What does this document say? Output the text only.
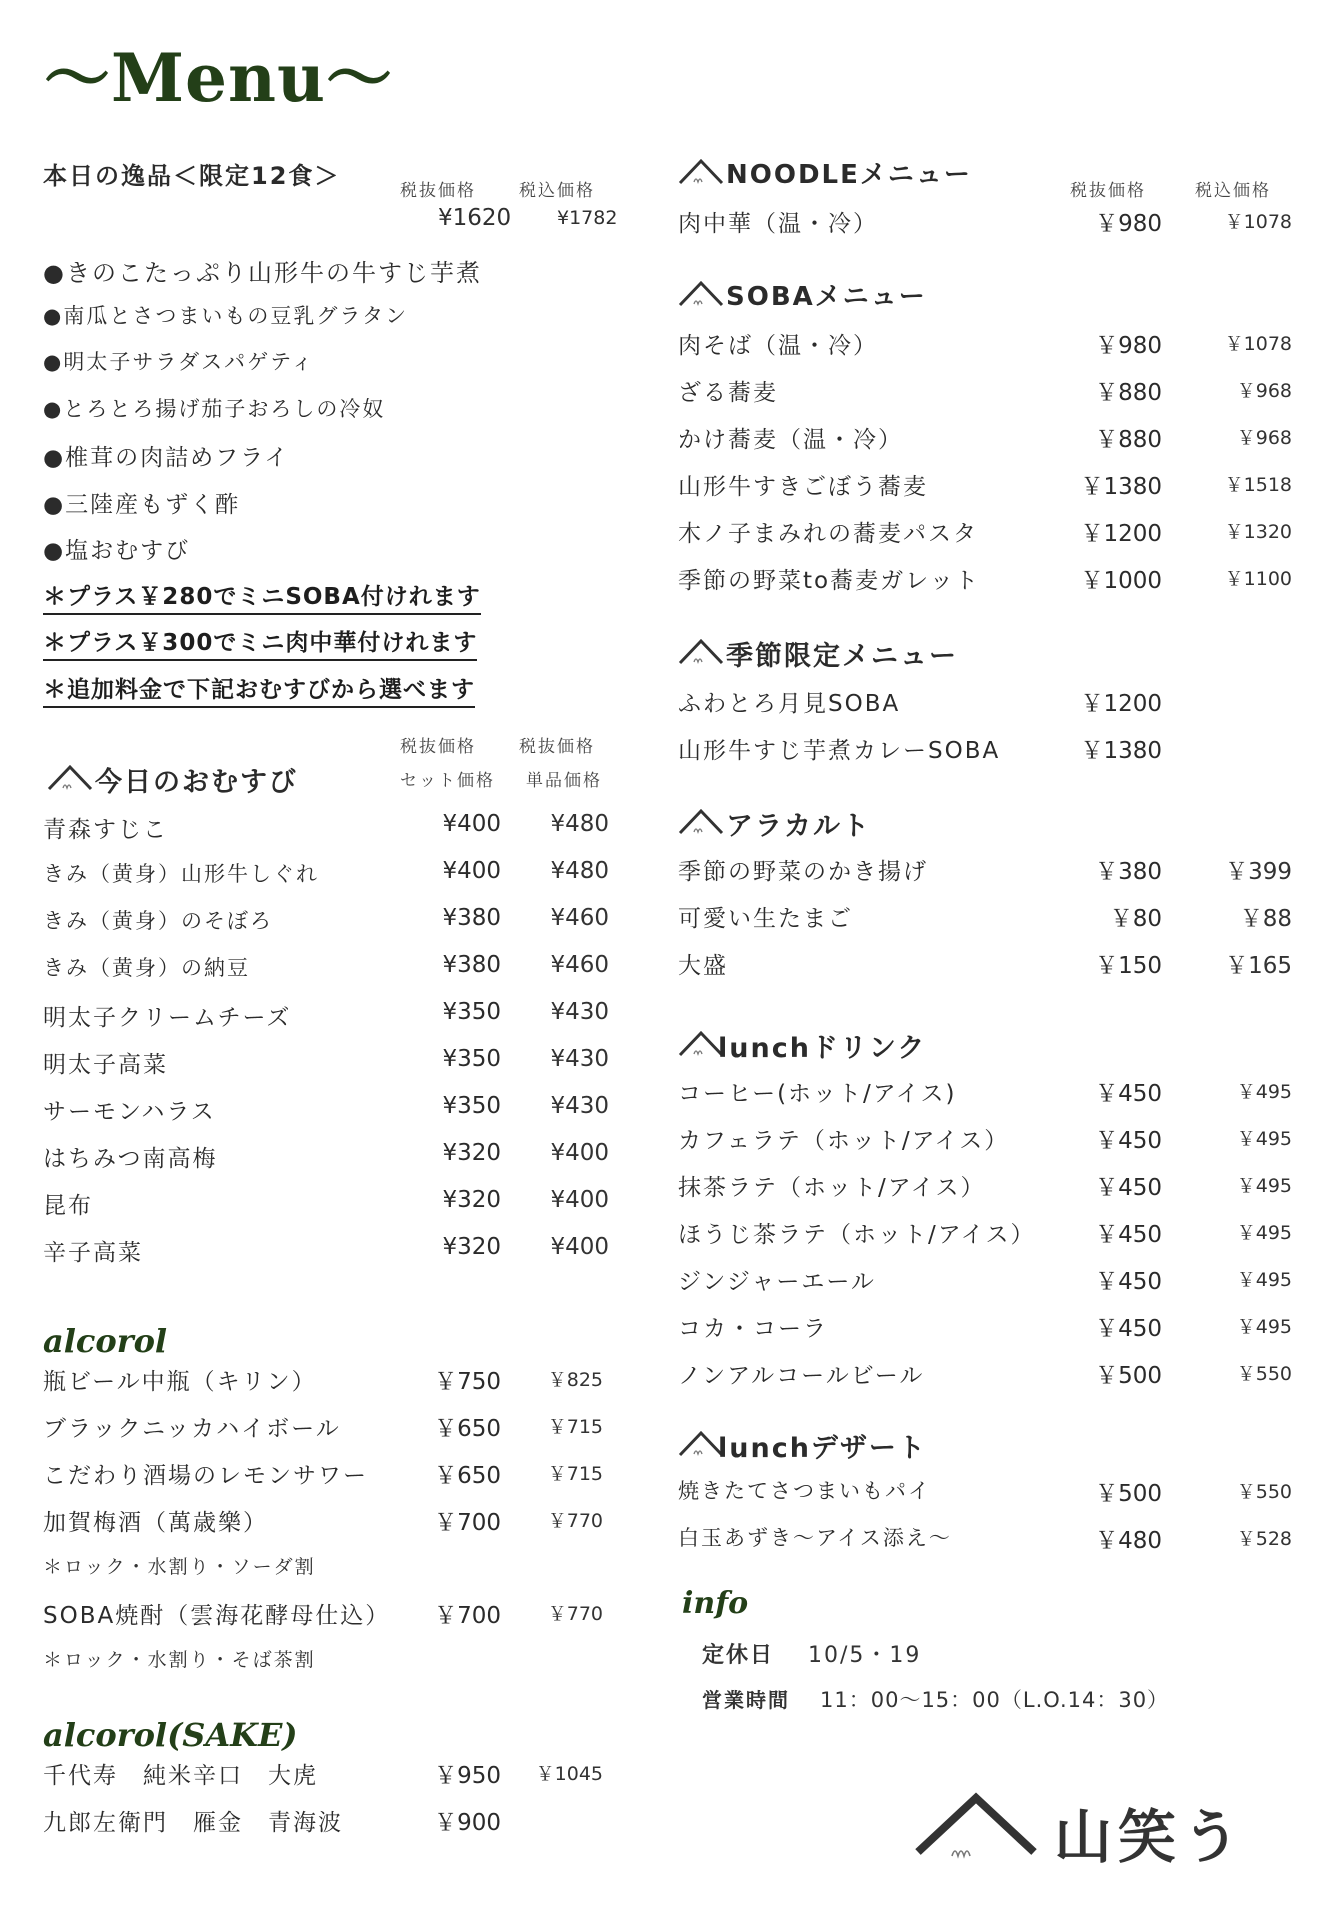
〜Menu〜
本日の逸品＜限定12食＞
税抜価格	税込価格
¥1620 ¥1782
●きのこたっぷり山形牛の牛すじ芋煮
●南瓜とさつまいもの豆乳グラタン
●明太子サラダスパゲティ
●とろとろ揚げ茄子おろしの冷奴
●椎茸の肉詰めフライ
●三陸産もずく酢
●塩おむすび
＊プラス￥280でミニSOBA付けれます
＊プラス￥300でミニ肉中華付けれます
＊追加料金で下記おむすびから選べます
税抜価格	税抜価格
セット価格 単品価格
今日のおむすび
青森すじこ	¥400 ¥480
きみ（黄身）山形牛しぐれ	¥400 ¥480
きみ（黄身）のそぼろ	¥380 ¥460
きみ（黄身）の納豆	¥380 ¥460
明太子クリームチーズ	¥350 ¥430
明太子高菜	¥350 ¥430
サーモンハラス	¥350 ¥430
はちみつ南高梅	¥320 ¥400
昆布	¥320 ¥400
辛子高菜	¥320 ¥400
alcorol
瓶ビール中瓶（キリン）	￥750 ￥825
ブラックニッカハイボール	￥650 ￥715
こだわり酒場のレモンサワー	￥650 ￥715
加賀梅酒（萬歳樂）	￥700 ￥770
＊ロック・水割り・ソーダ割
SOBA焼酎（雲海花酵母仕込） ￥700 ￥770
＊ロック・水割り・そば茶割
alcorol(SAKE)
千代寿　純米辛口　大虎	￥950 ￥1045
九郎左衛門　雁金　青海波	￥900
NOODLEメニュー
税抜価格	税込価格
肉中華（温・冷）	￥980	￥1078
SOBAメニュー
肉そば（温・冷）	￥980	￥1078
ざる蕎麦	￥880	￥968
かけ蕎麦（温・冷）	￥880	￥968
山形牛すきごぼう蕎麦	￥1380	￥1518
木ノ子まみれの蕎麦パスタ	￥1200	￥1320
季節の野菜to蕎麦ガレット	￥1000	￥1100
季節限定メニュー
ふわとろ月見SOBA	￥1200
山形牛すじ芋煮カレーSOBA	￥1380
アラカルト
季節の野菜のかき揚げ	￥380	￥399
可愛い生たまご	￥80	￥88
大盛	￥150	￥165
lunchドリンク
コーヒー(ホット/アイス)	￥450	￥495
カフェラテ（ホット/アイス）	￥450	￥495
抹茶ラテ（ホット/アイス）	￥450	￥495
ほうじ茶ラテ（ホット/アイス）	￥450	￥495
ジンジャーエール	￥450	￥495
コカ・コーラ	￥450	￥495
ノンアルコールビール	￥500	￥550
lunchデザート
焼きたてさつまいもパイ	￥500	￥550
白玉あずき〜アイス添え〜	￥480	￥528
info
定休日 10/5・19
営業時間 11：00〜15：00（L.O.14：30）
山笑う
